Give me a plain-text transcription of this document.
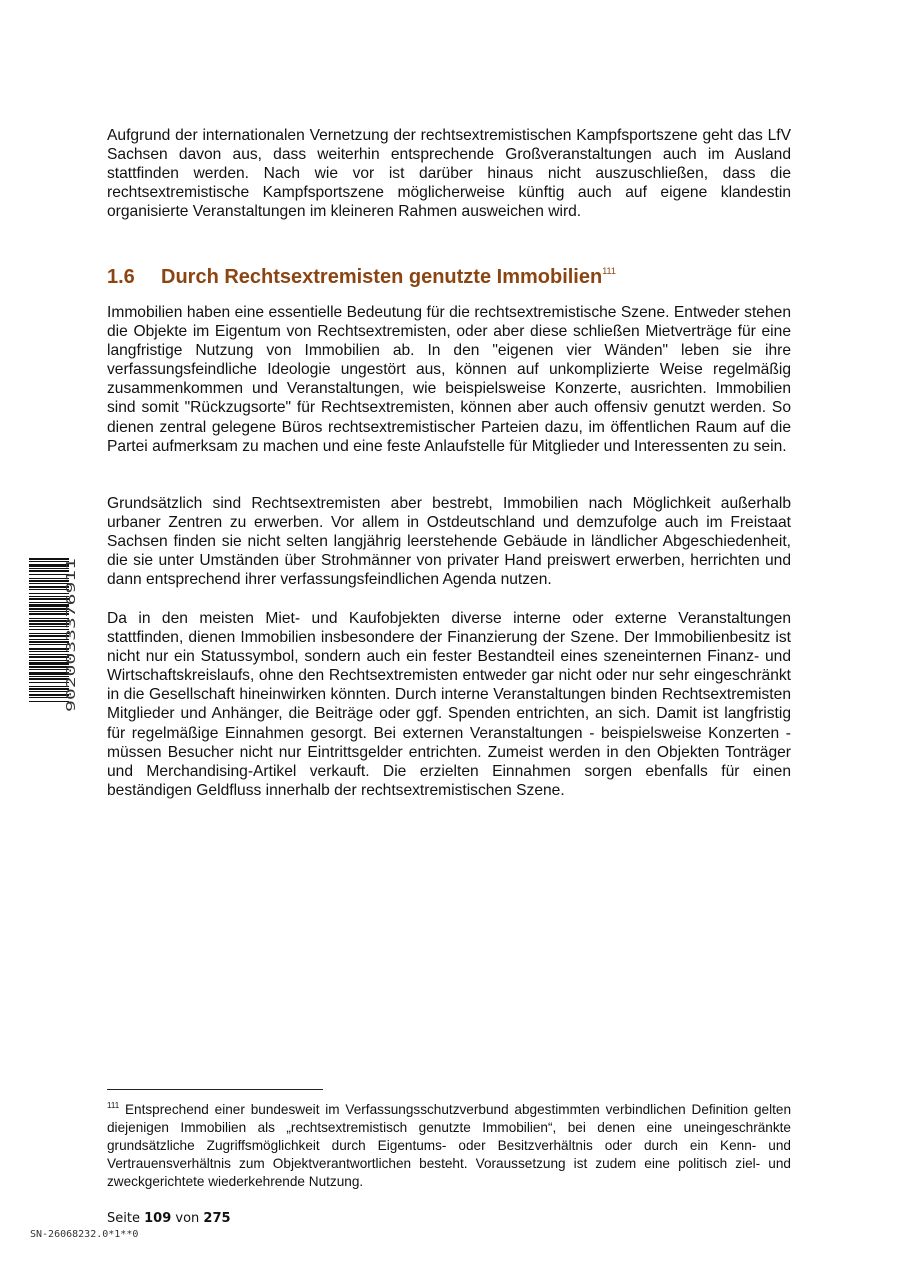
Aufgrund der internationalen Vernetzung der rechtsextremistischen Kampfsportszene geht das LfV Sachsen davon aus, dass weiterhin entsprechende Großveranstaltungen auch im Ausland stattfinden werden. Nach wie vor ist darüber hinaus nicht auszuschließen, dass die rechtsextremistische Kampfsportszene möglicherweise künftig auch auf eigene klandestin organisierte Veranstaltungen im kleineren Rahmen ausweichen wird.

1.6 Durch Rechtsextremisten genutzte Immobilien$^{111}$

Immobilien haben eine essentielle Bedeutung für die rechtsextremistische Szene. Entweder stehen die Objekte im Eigentum von Rechtsextremisten, oder aber diese schließen Mietverträge für eine langfristige Nutzung von Immobilien ab. In den "eigenen vier Wänden" leben sie ihre verfassungsfeindliche Ideologie ungestört aus, können auf unkomplizierte Weise regelmäßig zusammenkommen und Veranstaltungen, wie beispielsweise Konzerte, ausrichten. Immobilien sind somit "Rückzugsorte" für Rechtsextremisten, können aber auch offensiv genutzt werden. So dienen zentral gelegene Büros rechtsextremistischer Parteien dazu, im öffentlichen Raum auf die Partei aufmerksam zu machen und eine feste Anlaufstelle für Mitglieder und Interessenten zu sein.

Grundsätzlich sind Rechtsextremisten aber bestrebt, Immobilien nach Möglichkeit außerhalb urbaner Zentren zu erwerben. Vor allem in Ostdeutschland und demzufolge auch im Freistaat Sachsen finden sie nicht selten langjährig leerstehende Gebäude in ländlicher Abgeschiedenheit, die sie unter Umständen über Strohmänner von privater Hand preiswert erwerben, herrichten und dann entsprechend ihrer verfassungsfeindlichen Agenda nutzen.

Da in den meisten Miet- und Kaufobjekten diverse interne oder externe Veranstaltungen stattfinden, dienen Immobilien insbesondere der Finanzierung der Szene. Der Immobilienbesitz ist nicht nur ein Statussymbol, sondern auch ein fester Bestandteil eines szeneinternen Finanz- und Wirtschaftskreislaufs, ohne den Rechtsextremisten entweder gar nicht oder nur sehr eingeschränkt in die Gesellschaft hineinwirken könnten. Durch interne Veranstaltungen binden Rechtsextremisten Mitglieder und Anhänger, die Beiträge oder ggf. Spenden entrichten, an sich. Damit ist langfristig für regelmäßige Einnahmen gesorgt. Bei externen Veranstaltungen - beispielsweise Konzerten - müssen Besucher nicht nur Eintrittsgelder entrichten. Zumeist werden in den Objekten Tonträger und Merchandising-Artikel verkauft. Die erzielten Einnahmen sorgen ebenfalls für einen beständigen Geldfluss innerhalb der rechtsextremistischen Szene.

$^{111}$ Entsprechend einer bundesweit im Verfassungsschutzverbund abgestimmten verbindlichen Definition gelten diejenigen Immobilien als „rechtsextremistisch genutzte Immobilien“, bei denen eine uneingeschränkte grundsätzliche Zugriffsmöglichkeit durch Eigentums- oder Besitzverhältnis oder durch ein Kenn- und Vertrauensverhältnis zum Objektverantwortlichen besteht. Voraussetzung ist zudem eine politisch ziel- und zweckgerichtete wiederkehrende Nutzung.

Seite 109 von 275
SN-26068232.0*1**0
9020033376911
